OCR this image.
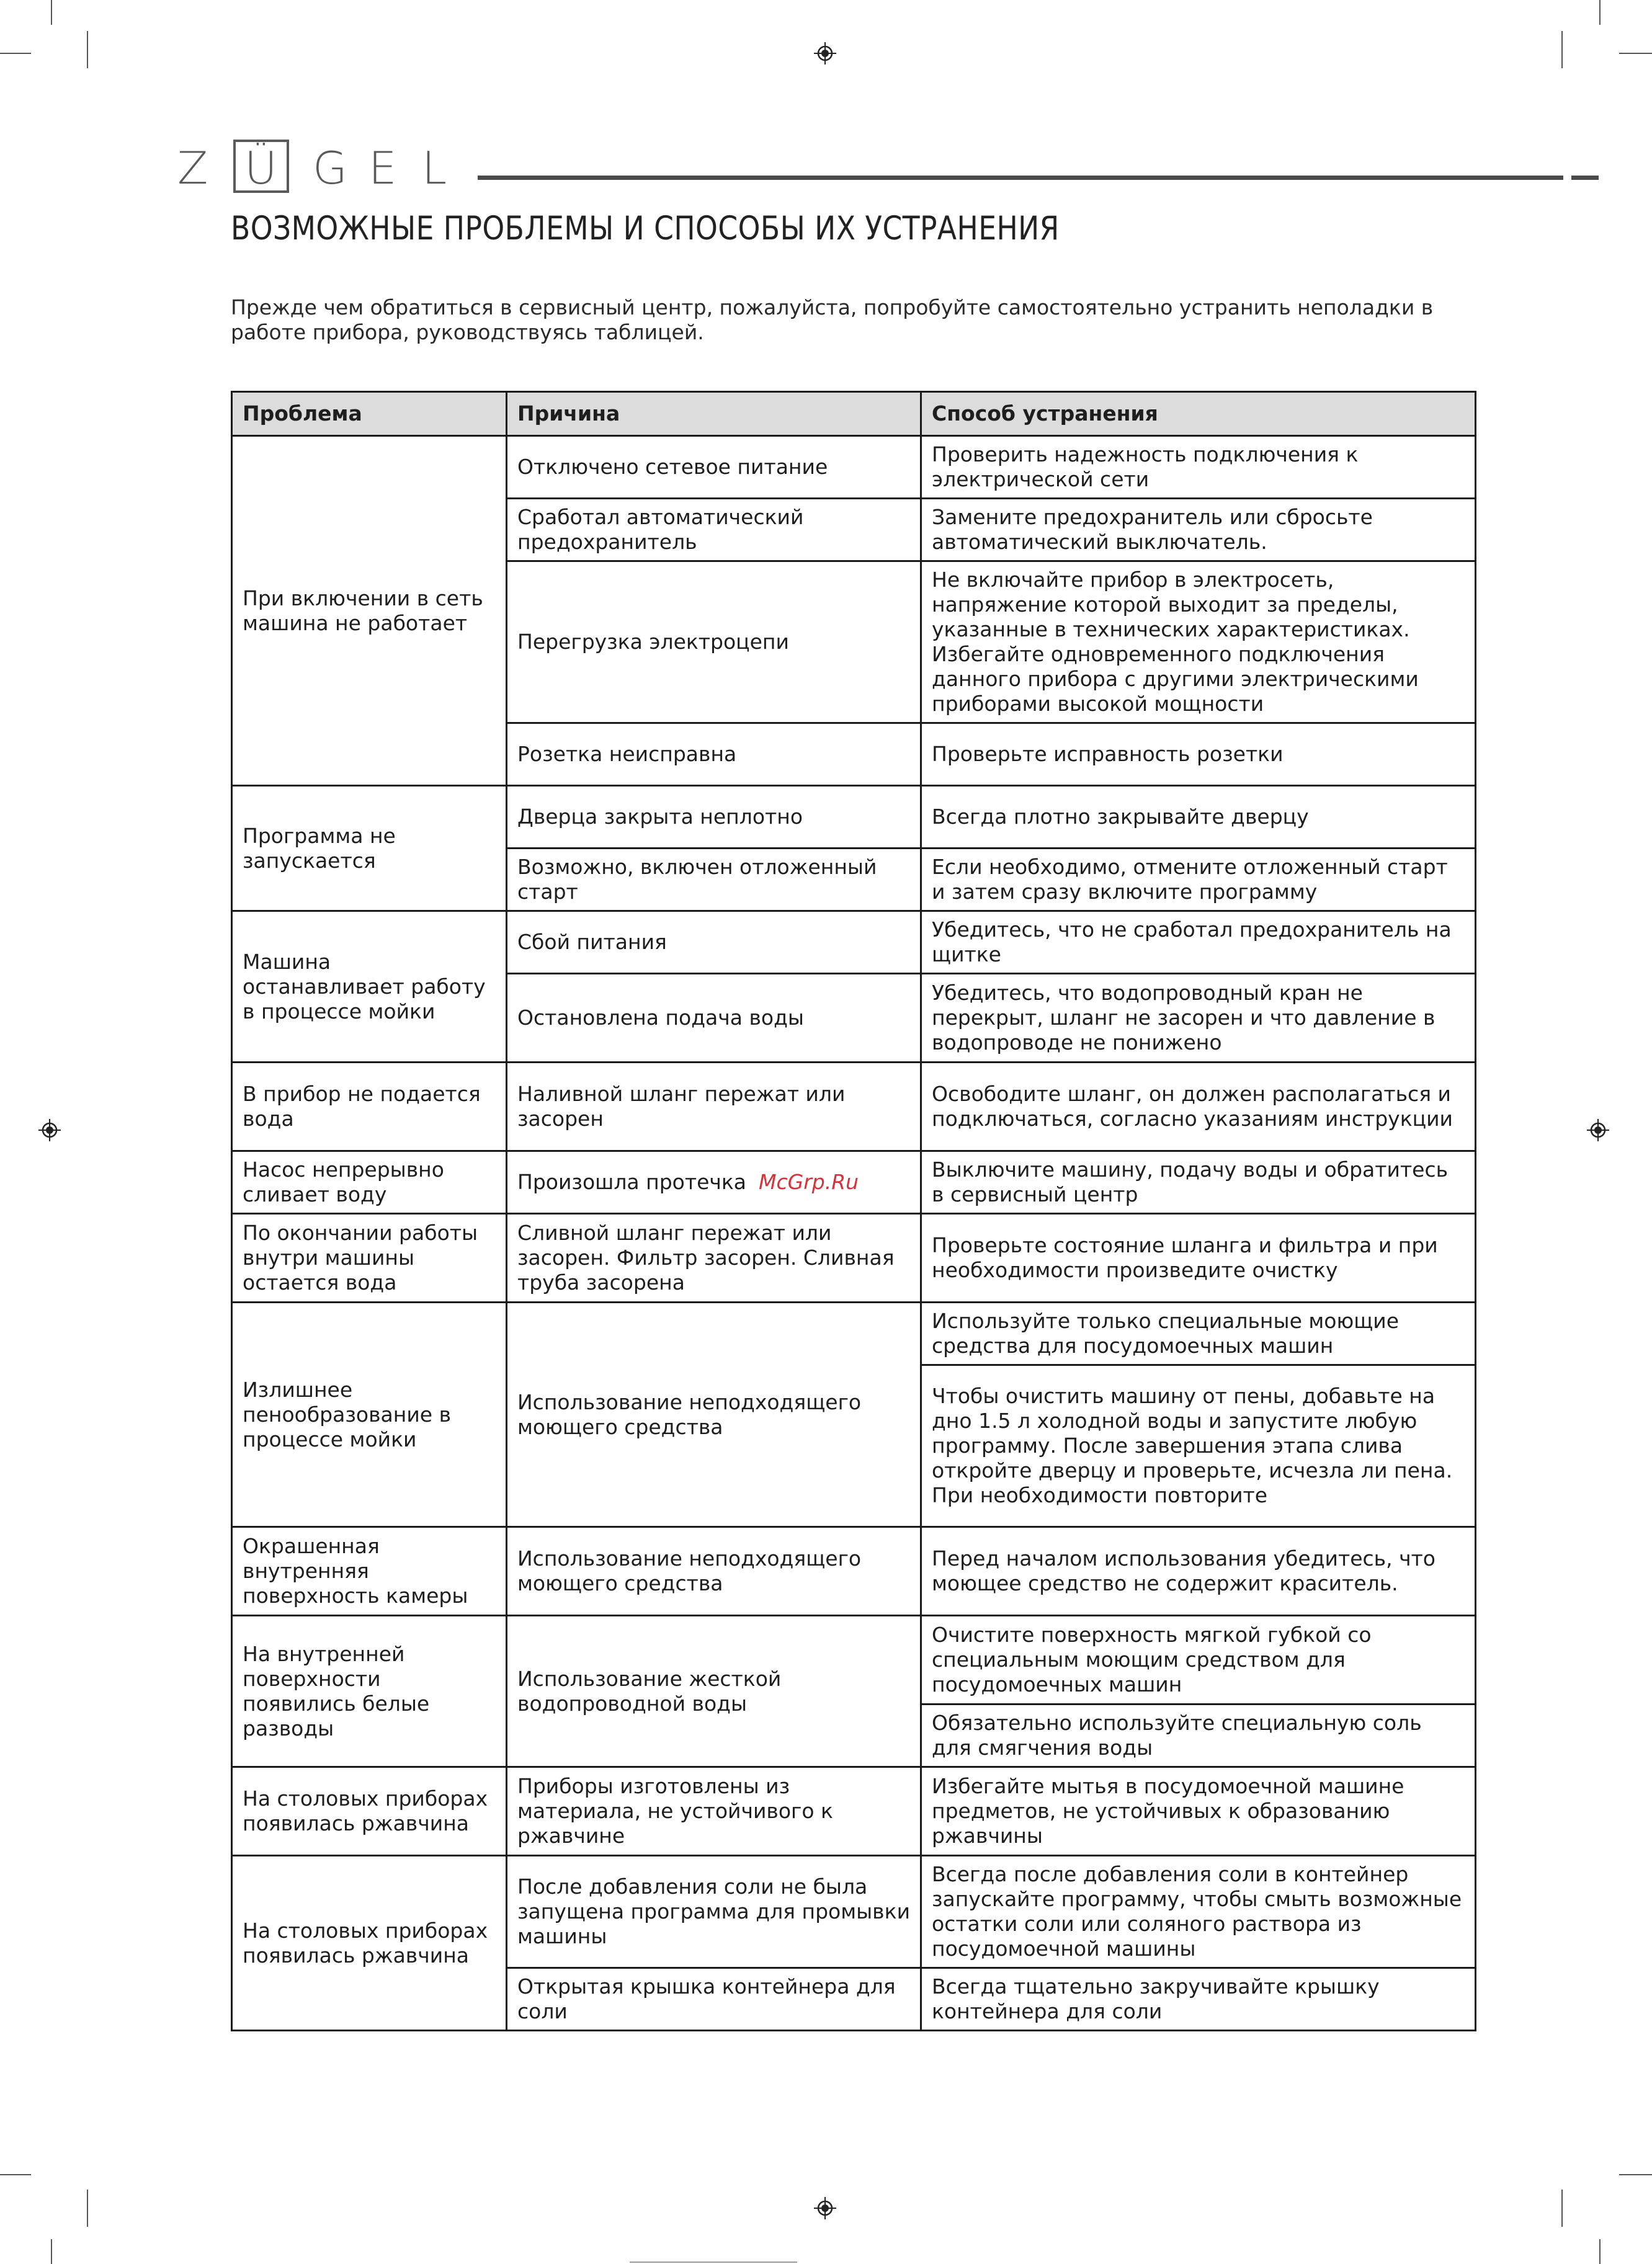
Z Ü G E L
ВОЗМОЖНЫЕ ПРОБЛЕМЫ И СПОСОБЫ ИХ УСТРАНЕНИЯ

Прежде чем обратиться в сервисный центр, пожалуйста, попробуйте самостоятельно устранить неполадки в работе прибора, руководствуясь таблицей.

Проблема	Причина	Способ устранения
При включении в сеть машина не работает	Отключено сетевое питание	Проверить надежность подключения к электрической сети
	Сработал автоматический предохранитель	Замените предохранитель или сбросьте автоматический выключатель.
	Перегрузка электроцепи	Не включайте прибор в электросеть, напряжение которой выходит за пределы, указанные в технических характеристиках. Избегайте одновременного подключения данного прибора с другими электрическими приборами высокой мощности
	Розетка неисправна	Проверьте исправность розетки
Программа не запускается	Дверца закрыта неплотно	Всегда плотно закрывайте дверцу
	Возможно, включен отложенный старт	Если необходимо, отмените отложенный старт и затем сразу включите программу
Машина останавливает работу в процессе мойки	Сбой питания	Убедитесь, что не сработал предохранитель на щитке
	Остановлена подача воды	Убедитесь, что водопроводный кран не перекрыт, шланг не засорен и что давление в водопроводе не понижено
В прибор не подается вода	Наливной шланг пережат или засорен	Освободите шланг, он должен располагаться и подключаться, согласно указаниям инструкции
Насос непрерывно сливает воду	Произошла протечка McGrp.Ru	Выключите машину, подачу воды и обратитесь в сервисный центр
По окончании работы внутри машины остается вода	Сливной шланг пережат или засорен. Фильтр засорен. Сливная труба засорена	Проверьте состояние шланга и фильтра и при необходимости произведите очистку
Излишнее пенообразование в процессе мойки	Использование неподходящего моющего средства	Используйте только специальные моющие средства для посудомоечных машин
		Чтобы очистить машину от пены, добавьте на дно 1.5 л холодной воды и запустите любую программу. После завершения этапа слива откройте дверцу и проверьте, исчезла ли пена. При необходимости повторите
Окрашенная внутренняя поверхность камеры	Использование неподходящего моющего средства	Перед началом использования убедитесь, что моющее средство не содержит краситель.
На внутренней поверхности появились белые разводы	Использование жесткой водопроводной воды	Очистите поверхность мягкой губкой со специальным моющим средством для посудомоечных машин
		Обязательно используйте специальную соль для смягчения воды
На столовых приборах появилась ржавчина	Приборы изготовлены из материала, не устойчивого к ржавчине	Избегайте мытья в посудомоечной машине предметов, не устойчивых к образованию ржавчины
На столовых приборах появилась ржавчина	После добавления соли не была запущена программа для промывки машины	Всегда после добавления соли в контейнер запускайте программу, чтобы смыть возможные остатки соли или соляного раствора из посудомоечной машины
	Открытая крышка контейнера для соли	Всегда тщательно закручивайте крышку контейнера для соли
